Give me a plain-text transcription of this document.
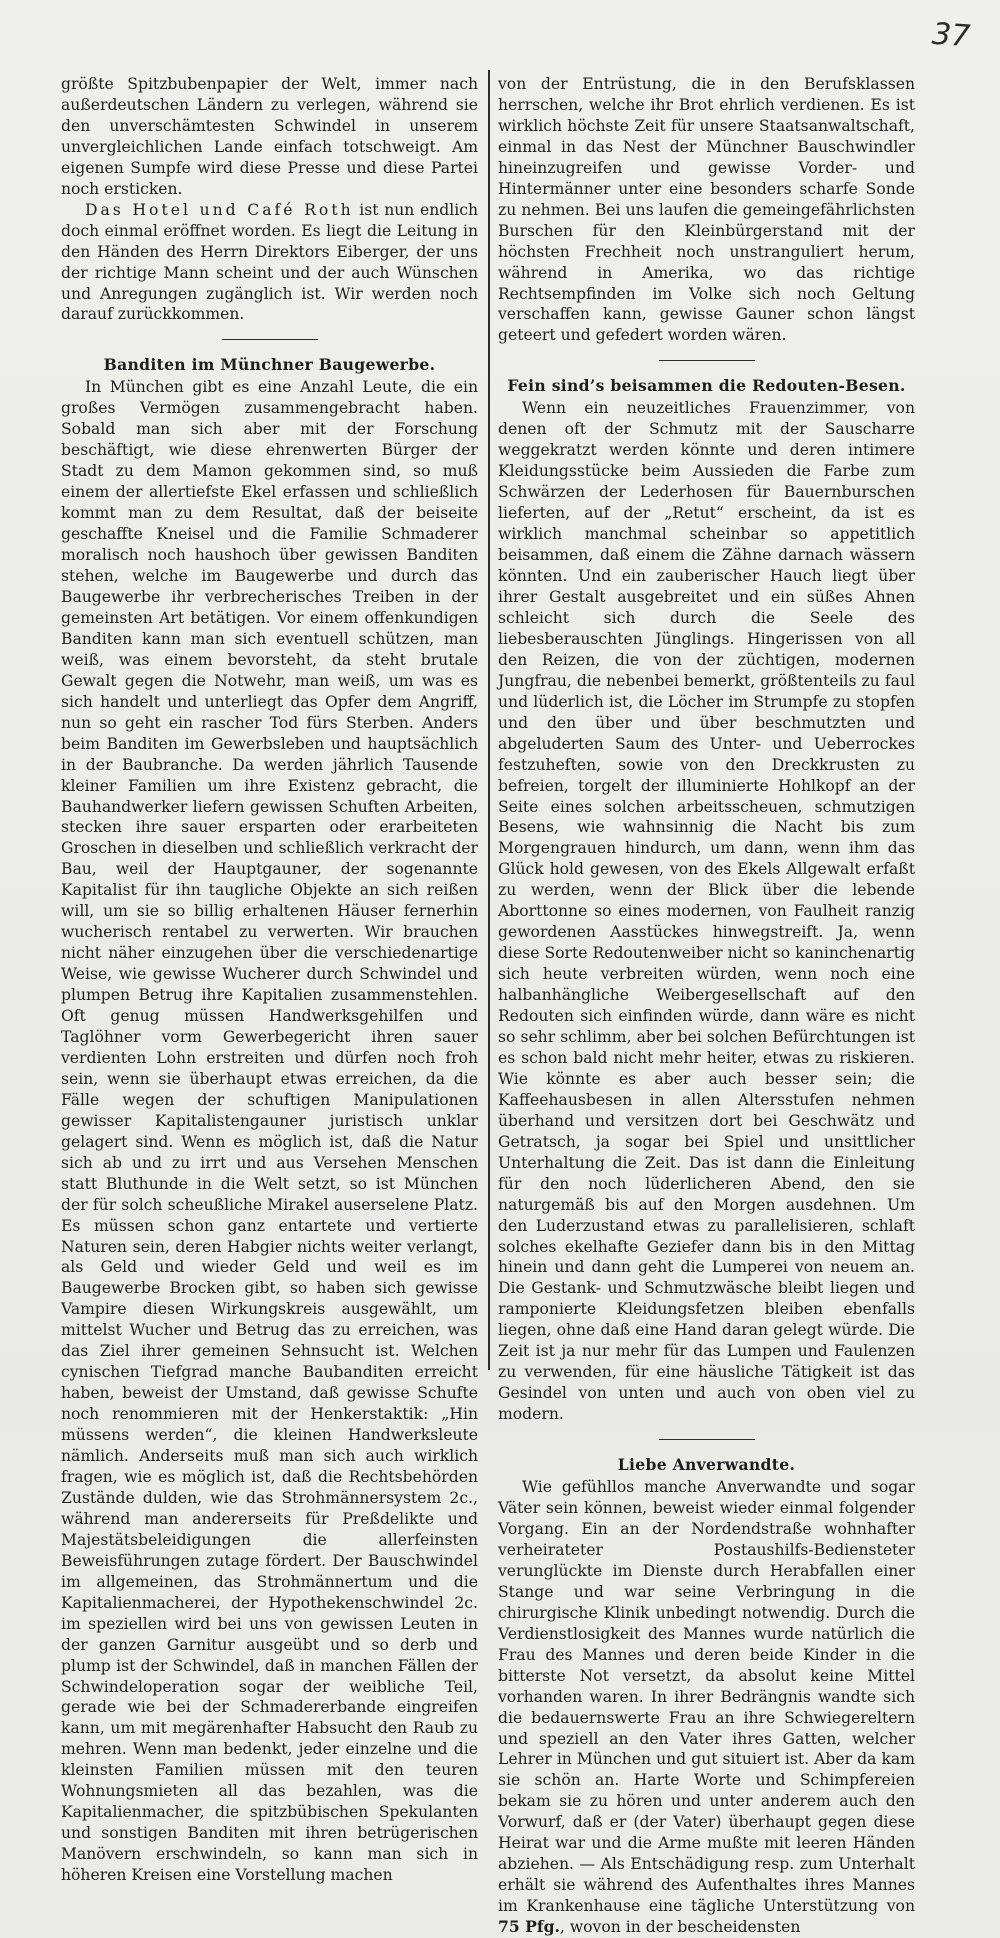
37

größte Spitzbubenpapier der Welt, immer nach außerdeutschen Ländern zu verlegen, während sie den unverschämtesten Schwindel in unserem unvergleichlichen Lande einfach totschweigt. Am eigenen Sumpfe wird diese Presse und diese Partei noch ersticken.

Das Hotel und Café Roth ist nun endlich doch einmal eröffnet worden. Es liegt die Leitung in den Händen des Herrn Direktors Eiberger, der uns der richtige Mann scheint und der auch Wünschen und Anregungen zugänglich ist. Wir werden noch darauf zurückkommen.

Banditen im Münchner Baugewerbe.

In München gibt es eine Anzahl Leute, die ein großes Vermögen zusammengebracht haben. Sobald man sich aber mit der Forschung beschäftigt, wie diese ehrenwerten Bürger der Stadt zu dem Mamon gekommen sind, so muß einem der allertiefste Ekel erfassen und schließlich kommt man zu dem Resultat, daß der beiseite geschaffte Kneisel und die Familie Schmaderer moralisch noch haushoch über gewissen Banditen stehen, welche im Baugewerbe und durch das Baugewerbe ihr verbrecherisches Treiben in der gemeinsten Art betätigen. Vor einem offenkundigen Banditen kann man sich eventuell schützen, man weiß, was einem bevorsteht, da steht brutale Gewalt gegen die Notwehr, man weiß, um was es sich handelt und unterliegt das Opfer dem Angriff, nun so geht ein rascher Tod fürs Sterben. Anders beim Banditen im Gewerbsleben und hauptsächlich in der Baubranche. Da werden jährlich Tausende kleiner Familien um ihre Existenz gebracht, die Bauhandwerker liefern gewissen Schuften Arbeiten, stecken ihre sauer ersparten oder erarbeiteten Groschen in dieselben und schließlich verkracht der Bau, weil der Hauptgauner, der sogenannte Kapitalist für ihn taugliche Objekte an sich reißen will, um sie so billig erhaltenen Häuser fernerhin wucherisch rentabel zu verwerten. Wir brauchen nicht näher einzugehen über die verschiedenartige Weise, wie gewisse Wucherer durch Schwindel und plumpen Betrug ihre Kapitalien zusammenstehlen. Oft genug müssen Handwerksgehilfen und Taglöhner vorm Gewerbegericht ihren sauer verdienten Lohn erstreiten und dürfen noch froh sein, wenn sie überhaupt etwas erreichen, da die Fälle wegen der schuftigen Manipulationen gewisser Kapitalistengauner juristisch unklar gelagert sind. Wenn es möglich ist, daß die Natur sich ab und zu irrt und aus Versehen Menschen statt Bluthunde in die Welt setzt, so ist München der für solch scheußliche Mirakel auserselene Platz. Es müssen schon ganz entartete und vertierte Naturen sein, deren Habgier nichts weiter verlangt, als Geld und wieder Geld und weil es im Baugewerbe Brocken gibt, so haben sich gewisse Vampire diesen Wirkungskreis ausgewählt, um mittelst Wucher und Betrug das zu erreichen, was das Ziel ihrer gemeinen Sehnsucht ist. Welchen cynischen Tiefgrad manche Baubanditen erreicht haben, beweist der Umstand, daß gewisse Schufte noch renommieren mit der Henkerstaktik: „Hin müssens werden“, die kleinen Handwerksleute nämlich. Anderseits muß man sich auch wirklich fragen, wie es möglich ist, daß die Rechtsbehörden Zustände dulden, wie das Strohmännersystem 2c., während man andererseits für Preßdelikte und Majestätsbeleidigungen die allerfeinsten Beweisführungen zutage fördert. Der Bauschwindel im allgemeinen, das Strohmännertum und die Kapitalienmacherei, der Hypothekenschwindel 2c. im speziellen wird bei uns von gewissen Leuten in der ganzen Garnitur ausgeübt und so derb und plump ist der Schwindel, daß in manchen Fällen der Schwindeloperation sogar der weibliche Teil, gerade wie bei der Schmadererbande eingreifen kann, um mit megärenhafter Habsucht den Raub zu mehren. Wenn man bedenkt, jeder einzelne und die kleinsten Familien müssen mit den teuren Wohnungsmieten all das bezahlen, was die Kapitalienmacher, die spitzbübischen Spekulanten und sonstigen Banditen mit ihren betrügerischen Manövern erschwindeln, so kann man sich in höheren Kreisen eine Vorstellung machen

von der Entrüstung, die in den Berufsklassen herrschen, welche ihr Brot ehrlich verdienen. Es ist wirklich höchste Zeit für unsere Staatsanwaltschaft, einmal in das Nest der Münchner Bauschwindler hineinzugreifen und gewisse Vorder- und Hintermänner unter eine besonders scharfe Sonde zu nehmen. Bei uns laufen die gemeingefährlichsten Burschen für den Kleinbürgerstand mit der höchsten Frechheit noch unstranguliert herum, während in Amerika, wo das richtige Rechtsempfinden im Volke sich noch Geltung verschaffen kann, gewisse Gauner schon längst geteert und gefedert worden wären.

Fein sind’s beisammen die Redouten-Besen.

Wenn ein neuzeitliches Frauenzimmer, von denen oft der Schmutz mit der Sauscharre weggekratzt werden könnte und deren intimere Kleidungsstücke beim Aussieden die Farbe zum Schwärzen der Lederhosen für Bauernburschen lieferten, auf der „Retut“ erscheint, da ist es wirklich manchmal scheinbar so appetitlich beisammen, daß einem die Zähne darnach wässern könnten. Und ein zauberischer Hauch liegt über ihrer Gestalt ausgebreitet und ein süßes Ahnen schleicht sich durch die Seele des liebesberauschten Jünglings. Hingerissen von all den Reizen, die von der züchtigen, modernen Jungfrau, die nebenbei bemerkt, größtenteils zu faul und lüderlich ist, die Löcher im Strumpfe zu stopfen und den über und über beschmutzten und abgeluderten Saum des Unter- und Ueberrockes festzuheften, sowie von den Dreckkrusten zu befreien, torgelt der illuminierte Hohlkopf an der Seite eines solchen arbeitsscheuen, schmutzigen Besens, wie wahnsinnig die Nacht bis zum Morgengrauen hindurch, um dann, wenn ihm das Glück hold gewesen, von des Ekels Allgewalt erfaßt zu werden, wenn der Blick über die lebende Aborttonne so eines modernen, von Faulheit ranzig gewordenen Aasstückes hinwegstreift. Ja, wenn diese Sorte Redoutenweiber nicht so kaninchenartig sich heute verbreiten würden, wenn noch eine halbanhängliche Weibergesellschaft auf den Redouten sich einfinden würde, dann wäre es nicht so sehr schlimm, aber bei solchen Befürchtungen ist es schon bald nicht mehr heiter, etwas zu riskieren. Wie könnte es aber auch besser sein; die Kaffeehausbesen in allen Altersstufen nehmen überhand und versitzen dort bei Geschwätz und Getratsch, ja sogar bei Spiel und unsittlicher Unterhaltung die Zeit. Das ist dann die Einleitung für den noch lüderlicheren Abend, den sie naturgemäß bis auf den Morgen ausdehnen. Um den Luderzustand etwas zu parallelisieren, schlaft solches ekelhafte Geziefer dann bis in den Mittag hinein und dann geht die Lumperei von neuem an. Die Gestank- und Schmutzwäsche bleibt liegen und ramponierte Kleidungsfetzen bleiben ebenfalls liegen, ohne daß eine Hand daran gelegt würde. Die Zeit ist ja nur mehr für das Lumpen und Faulenzen zu verwenden, für eine häusliche Tätigkeit ist das Gesindel von unten und auch von oben viel zu modern.

Liebe Anverwandte.

Wie gefühllos manche Anverwandte und sogar Väter sein können, beweist wieder einmal folgender Vorgang. Ein an der Nordendstraße wohnhafter verheirateter Postaushilfs-Bediensteter verunglückte im Dienste durch Herabfallen einer Stange und war seine Verbringung in die chirurgische Klinik unbedingt notwendig. Durch die Verdienstlosigkeit des Mannes wurde natürlich die Frau des Mannes und deren beide Kinder in die bitterste Not versetzt, da absolut keine Mittel vorhanden waren. In ihrer Bedrängnis wandte sich die bedauernswerte Frau an ihre Schwiegereltern und speziell an den Vater ihres Gatten, welcher Lehrer in München und gut situiert ist. Aber da kam sie schön an. Harte Worte und Schimpfereien bekam sie zu hören und unter anderem auch den Vorwurf, daß er (der Vater) überhaupt gegen diese Heirat war und die Arme mußte mit leeren Händen abziehen. — Als Entschädigung resp. zum Unterhalt erhält sie während des Aufenthaltes ihres Mannes im Krankenhause eine tägliche Unterstützung von 75 Pfg., wovon in der bescheidensten
